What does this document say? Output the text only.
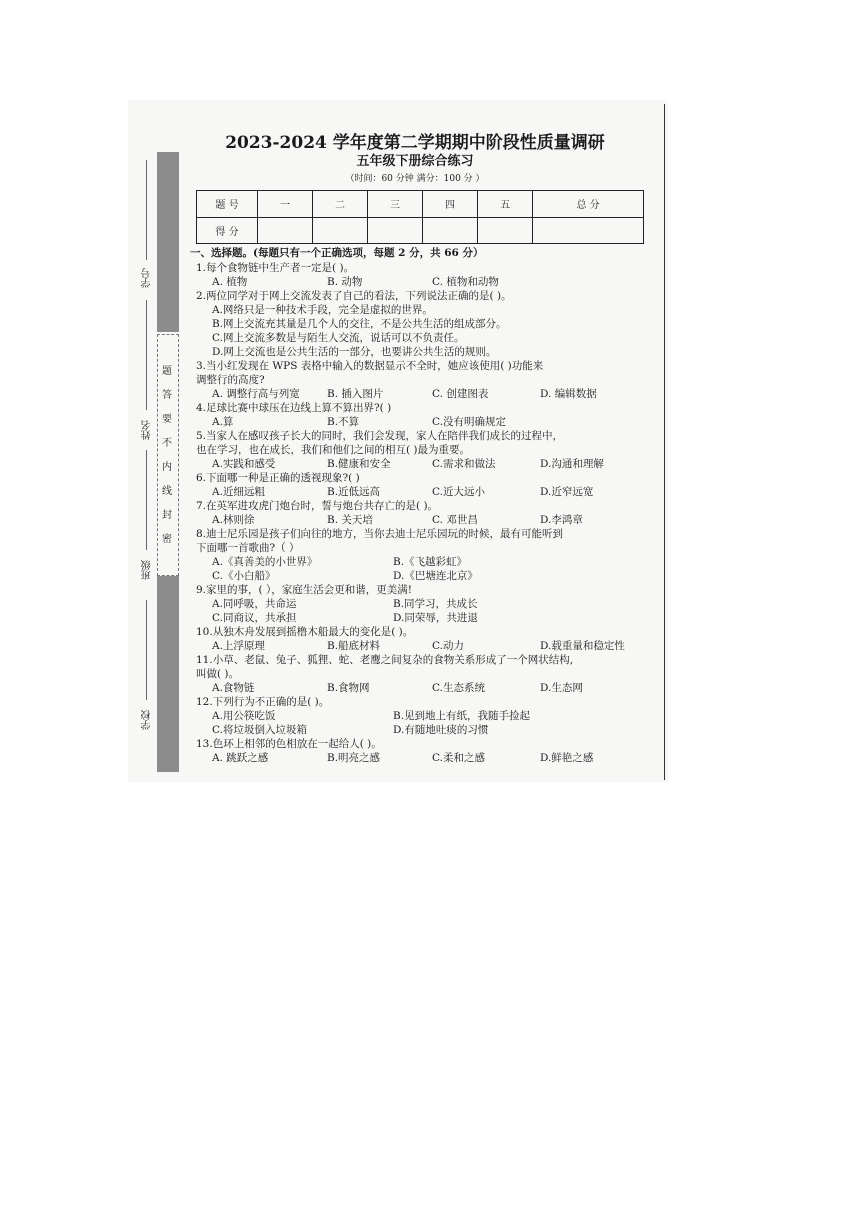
题
答
要
不
内
线
封
密
学号
姓名
班级
学校
2023-2024 学年度第二学期期中阶段性质量调研
五年级下册综合练习
（时间：60 分钟 满分：100 分 ）
题 号	一	二	三	四	五	总 分
得 分						
一、选择题。(每题只有一个正确选项，每题 2 分，共 66 分）
1.每个食物链中生产者一定是( )。
A. 植物	B. 动物	C. 植物和动物
2.两位同学对于网上交流发表了自己的看法，下列说法正确的是( )。
A.网络只是一种技术手段，完全是虚拟的世界。
B.网上交流充其量是几个人的交往，不是公共生活的组成部分。
C.网上交流多数是与陌生人交流，说话可以不负责任。
D.网上交流也是公共生活的一部分，也要讲公共生活的规则。
3.当小红发现在 WPS 表格中输入的数据显示不全时，她应该使用( )功能来
调整行的高度?
A. 调整行高与列宽	B. 插入图片	C. 创建图表	D. 编辑数据
4.足球比赛中球压在边线上算不算出界?( )
A.算	B.不算	C.没有明确规定
5.当家人在感叹孩子长大的同时，我们会发现，家人在陪伴我们成长的过程中，
也在学习，也在成长，我们和他们之间的相互( )最为重要。
A.实践和感受	B.健康和安全	C.需求和做法	D.沟通和理解
6.下面哪一种是正确的透视现象?( )
A.近细远粗	B.近低远高	C.近大远小	D.近窄远宽
7.在英军进攻虎门炮台时，誓与炮台共存亡的是( )。
A.林则徐	B. 关天培	C. 邓世昌	D.李鸿章
8.迪士尼乐园是孩子们向往的地方，当你去迪士尼乐园玩的时候，最有可能听到
下面哪一首歌曲?（ ）
A.《真善美的小世界》	B.《飞越彩虹》
C.《小白船》	D.《巴塘连北京》
9.家里的事，( ），家庭生活会更和谐，更美满!
A.同呼吸，共命运	B.同学习，共成长
C.同商议，共承担	D.同荣辱，共进退
10.从独木舟发展到摇橹木船最大的变化是( )。
A.上浮原理	B.船底材料	C.动力	D.载重量和稳定性
11.小草、老鼠、兔子、狐狸、蛇、老鹰之间复杂的食物关系形成了一个网状结构,
叫做( )。
A.食物链	B.食物网	C.生态系统	D.生态网
12.下列行为不正确的是( )。
A.用公筷吃饭	B.见到地上有纸，我随手捡起
C.将垃圾倒入垃圾箱	D.有随地吐痰的习惯
13.色环上相邻的色相放在一起给人( )。
A. 跳跃之感	B.明亮之感	C.柔和之感	D.鲜艳之感
